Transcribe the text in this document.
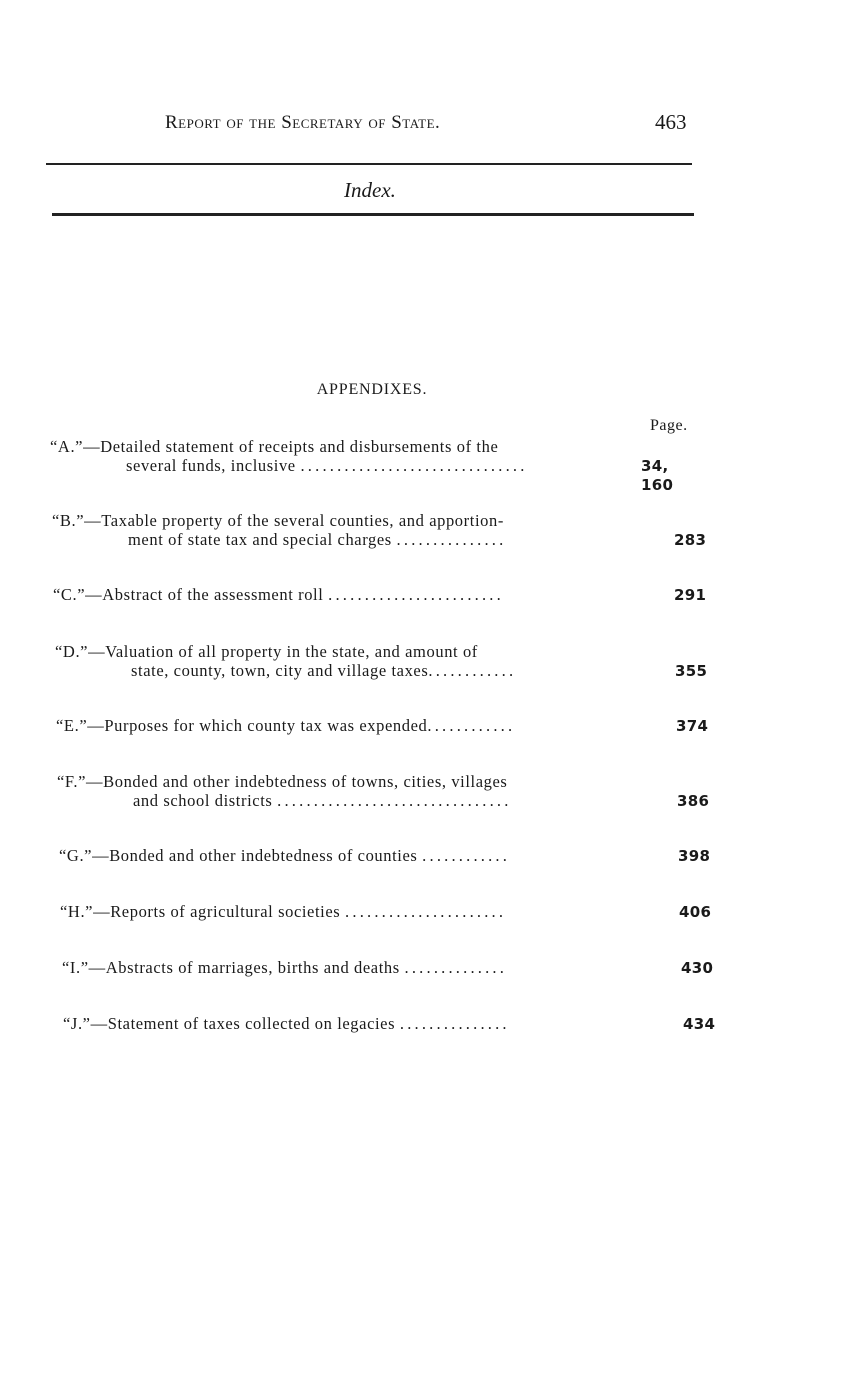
Report of the Secretary of State.	463
Index.
APPENDIXES.
Page.
“A.”—Detailed statement of receipts and disbursements of the
several funds, inclusive ...............................	34, 160
“B.”—Taxable property of the several counties, and apportion-
ment of state tax and special charges ...............	283
“C.”—Abstract of the assessment roll ........................	291
“D.”—Valuation of all property in the state, and amount of
state, county, town, city and village taxes............	355
“E.”—Purposes for which county tax was expended............	374
“F.”—Bonded and other indebtedness of towns, cities, villages
and school districts ................................	386
“G.”—Bonded and other indebtedness of counties ............	398
“H.”—Reports of agricultural societies ......................	406
“I.”—Abstracts of marriages, births and deaths ..............	430
“J.”—Statement of taxes collected on legacies ...............	434
